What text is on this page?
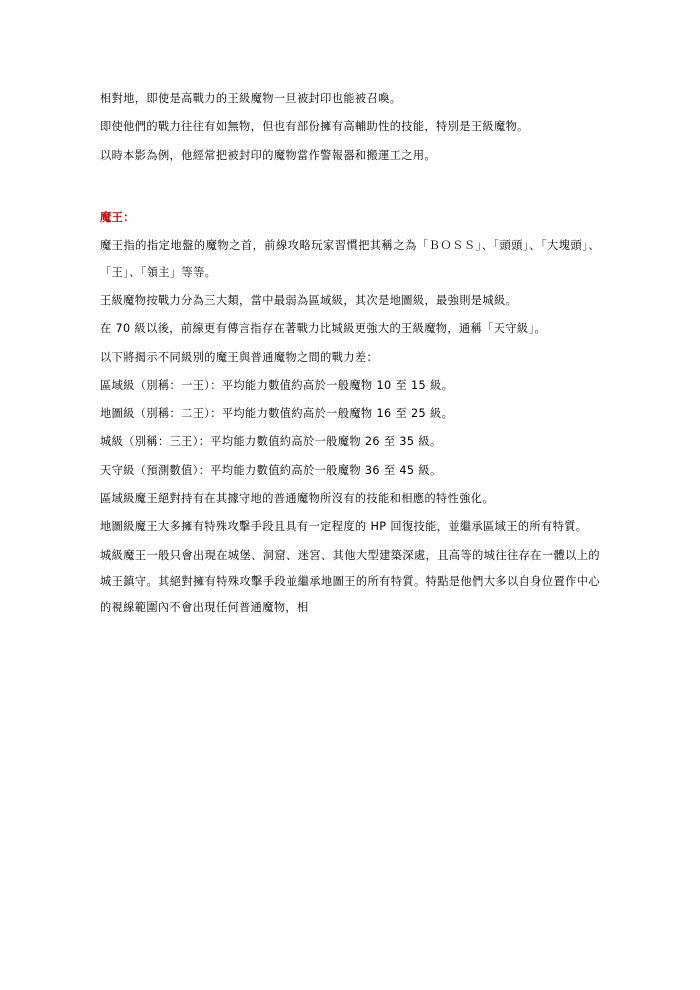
相對地，即使是高戰力的王級魔物一旦被封印也能被召喚。

即使他們的戰力往往有如無物，但也有部份擁有高輔助性的技能，特別是王級魔物。

以時本影為例，他經常把被封印的魔物當作警報器和搬運工之用。

魔王：

魔王指的指定地盤的魔物之首，前線攻略玩家習慣把其稱之為「ＢＯＳＳ」、「頭頭」、「大塊頭」、「王」、「領主」等等。

王級魔物按戰力分為三大類，當中最弱為區域級，其次是地圖級，最強則是城級。

在 70 級以後，前線更有傳言指存在著戰力比城級更強大的王級魔物，通稱「天守級」。

以下將揭示不同級別的魔王與普通魔物之間的戰力差：

區域級（別稱：一王）：平均能力數值約高於一般魔物 10 至 15 級。

地圖級（別稱：二王）：平均能力數值約高於一般魔物 16 至 25 級。

城級（別稱：三王）：平均能力數值約高於一般魔物 26 至 35 級。

天守級（預測數值）：平均能力數值約高於一般魔物 36 至 45 級。

區域級魔王絕對持有在其據守地的普通魔物所沒有的技能和相應的特性強化。

地圖級魔王大多擁有特殊攻擊手段且具有一定程度的 HP 回復技能，並繼承區域王的所有特質。

城級魔王一般只會出現在城堡、洞窟、迷宮、其他大型建築深處，且高等的城往往存在一體以上的城王鎮守。其絕對擁有特殊攻擊手段並繼承地圖王的所有特質。特點是他們大多以自身位置作中心的視線範圍內不會出現任何普通魔物，相
